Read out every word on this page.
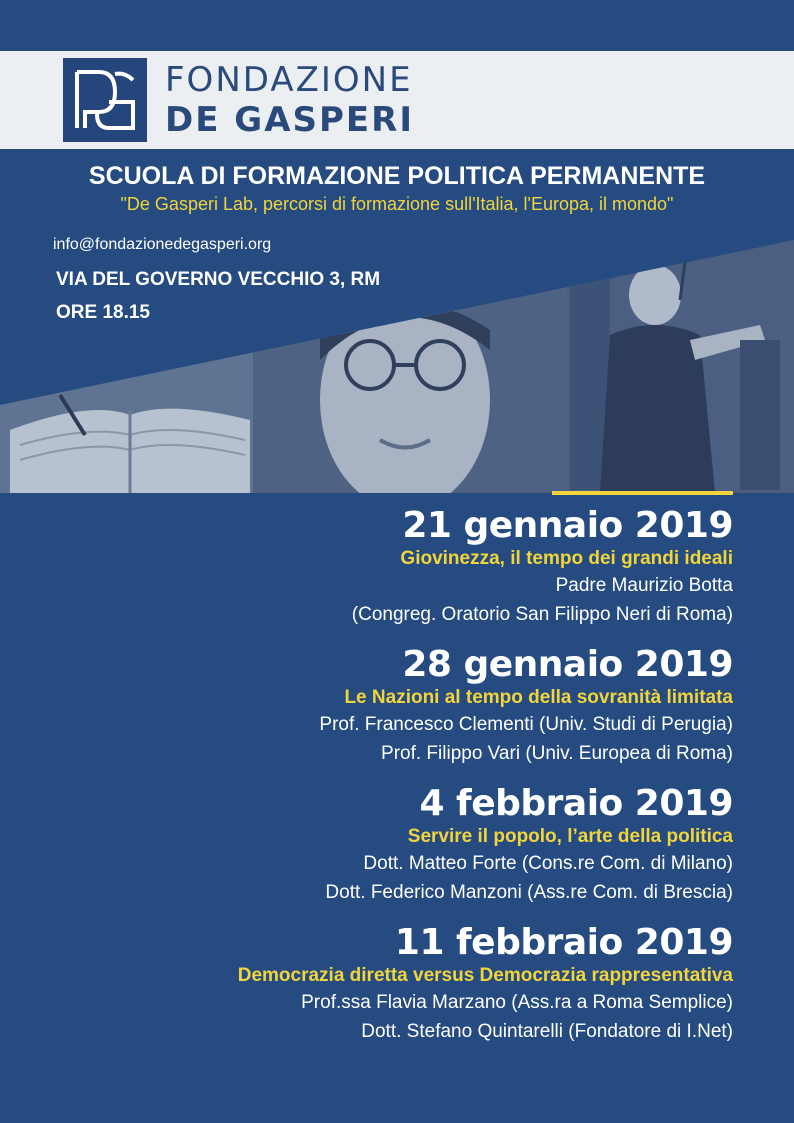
FONDAZIONE
DE GASPERI
SCUOLA DI FORMAZIONE POLITICA PERMANENTE
"De Gasperi Lab, percorsi di formazione sull'Italia, l'Europa, il mondo"
info@fondazionedegasperi.org
VIA DEL GOVERNO VECCHIO 3, RM
ORE 18.15
21 gennaio 2019
Giovinezza, il tempo dei grandi ideali
Padre Maurizio Botta
(Congreg. Oratorio San Filippo Neri di Roma)
28 gennaio 2019
Le Nazioni al tempo della sovranità limitata
Prof. Francesco Clementi (Univ. Studi di Perugia)
Prof. Filippo Vari (Univ. Europea di Roma)
4 febbraio 2019
Servire il popolo, l’arte della politica
Dott. Matteo Forte (Cons.re Com. di Milano)
Dott. Federico Manzoni (Ass.re Com. di Brescia)
11 febbraio 2019
Democrazia diretta versus Democrazia rappresentativa
Prof.ssa Flavia Marzano (Ass.ra a Roma Semplice)
Dott. Stefano Quintarelli (Fondatore di I.Net)
